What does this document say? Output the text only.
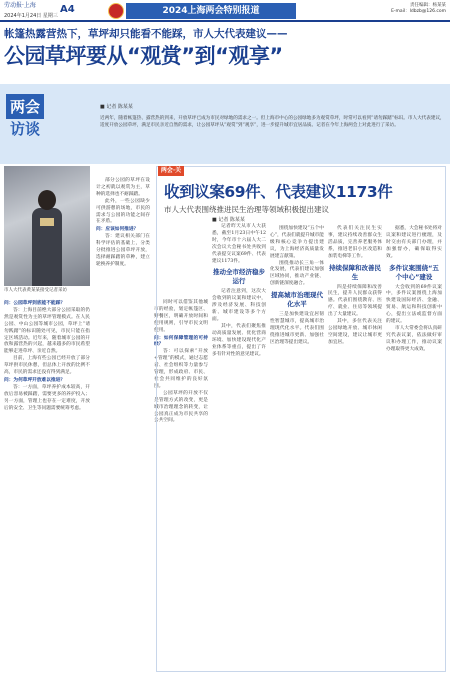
劳动报·上海
2024年1月24日 星期三
A4	2024上海两会特别报道
责任编辑：杨某某
E-mail：ldbzb@126.com
帐篷热露营热下，草坪却只能看不能踩，市人大代表建议——
公园草坪要从“观赏”到“观享”
两会
访谈
■ 记者 陈某某
近两年，随着帐篷热、露营热的到来，开放草坪已成为市民对绿地的需求之一。但上海市中心的公园绿地多为观赏草坪，时常可以看到“请勿踩踏”标识。市人大代表建议，适度开放公园草坪，满足市民亲近自然的需求，让公园草坪从“观赏”到“观享”，进一步提升城市宜居品质。记者在今年上海两会上对此进行了采访。
市人大代表黄某某接受记者采访

问：公园草坪到底能不能踩？

答：上海目前绝大部分公园采取的仍然是观赏性为主的草坪管理模式。在人民公园、中山公园等城市公园，草坪上“请勿践踏”的标识随处可见，市民只能在指定区域活动。近年来，随着城市公园的开放和露营热的兴起，越来越多的市民希望能够走进草坪、亲近自然。

目前，上海有些公园已经开放了部分草坪供市民休憩，但总体上开放的比例不高，市民的需求还没有得到满足。

问：为何草坪开放难以推进？

答：一方面，草坪养护成本较高，开放后容易被踩踏，需要更多的养护投入；另一方面，管理上也存在一定难度，开放后的安全、卫生等问题需要统筹考虑。

部分公园的草坪在设计之初就以观赏为主，草种的选择也不耐踩踏。

此外，一些公园缺少可供游憩的场地，市民的需求与公园的功能之间存在矛盾。

问：应该如何推进？

答：建议相关部门在科学评估的基础上，分类分批推进公园草坪开放，选择耐踩踏的草种，建立轮换养护制度。

同时可以借鉴其他城市的经验，划定帐篷区、野餐区，明确开放时间和使用规则，引导市民文明使用。

问：如何保障管理的可持续？

答：可以探索“开放+管理”的模式，通过志愿者、社会组织等力量参与管理，形成政府、市民、社会共同维护的良好氛围。

公园草坪的开放不仅是管理方式的改变，更是城市治理理念的转变，让公园真正成为市民共享的公共空间。

两会·关注
收到议案69件、代表建议1173件
市人大代表围绕推进民生治理等领域积极提出建议
■ 记者 陈某某

记者昨天从市人大获悉，截至1月23日中午12时，今年市十六届人大二次会议大会秘书处共收到代表提交议案69件、代表建议1173件。

推动全市经济稳步运行

记者注意到，这次大会收到的议案和建议中，涉及经济发展、科技创新、城市建设等多个方面。

其中，代表们聚焦推动高质量发展、优化营商环境、加快建设现代化产业体系等重点，提出了许多有针对性的意见建议。

围绕加快建设“五个中心”，代表们就提升城市能级和核心竞争力提出建议，为上海经济高质量发展建言献策。

围绕推动长三角一体化发展，代表们建议加强区域协同，推动产业链、创新链深度融合。

提高城市治理现代化水平

三是加快建设宜居韧性智慧城市，提高城市治理现代化水平。代表们围绕推进城市更新、加强社区治理等提出建议。

代表们关注民生实事，建议持续改善群众生活品质，完善养老服务体系，推进老旧小区改造和加装电梯等工作。

持续保障和改善民生

四是持续保障和改善民生，提升人民群众获得感。代表们围绕教育、医疗、就业、住房等领域提出了大量建议。

其中，多位代表关注公园绿地开放、城市休闲空间建设，建议让城市更加宜居。

据悉，大会秘书处将对议案和建议进行梳理，及时交由有关部门办理，并加强督办，确保取得实效。

多件议案围绕“五个中心”建设

大会收到的69件议案中，多件议案围绕上海加快建设国际经济、金融、贸易、航运和科技创新中心，提出立法或监督方面的建议。

市人大常委会将认真研究代表议案，依法做好审议和办理工作，推动议案办理取得更大成效。
